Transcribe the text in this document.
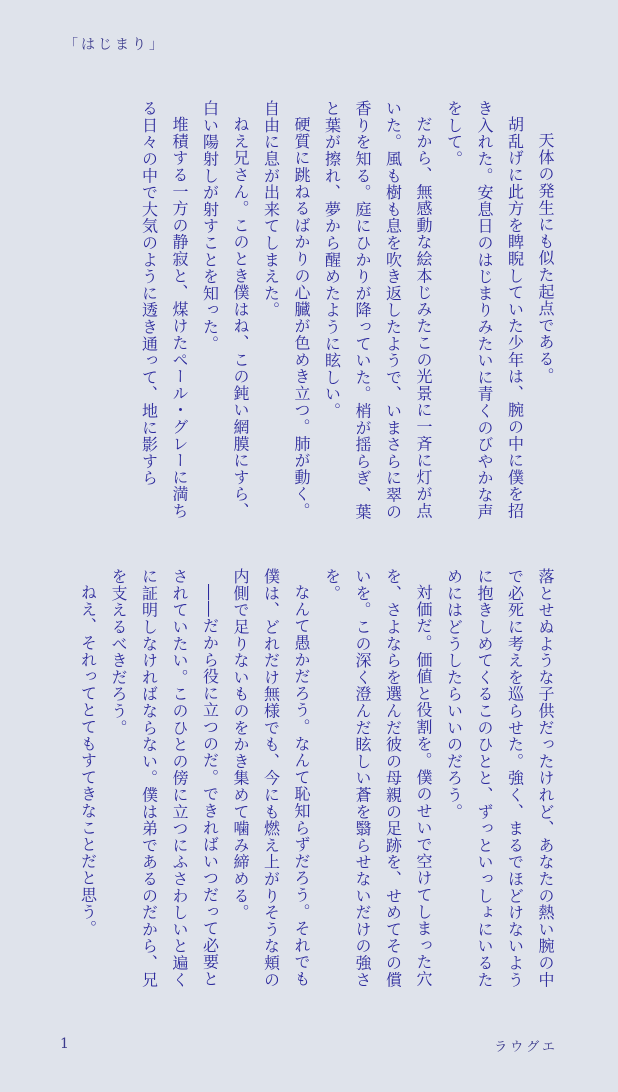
「はじまり」

天体の発生にも似た起点である。

胡乱げに此方を睥睨していた少年は、腕の中に僕を招き入れた。安息日のはじまりみたいに青くのびやかな声をして。

だから、無感動な絵本じみたこの光景に一斉に灯が点いた。風も樹も息を吹き返したようで、いまさらに翠の香りを知る。庭にひかりが降っていた。梢が揺らぎ、葉と葉が擦れ、夢から醒めたように眩しい。

硬質に跳ねるばかりの心臓が色めき立つ。肺が動く。自由に息が出来てしまえた。

ねえ兄さん。このとき僕はね、この鈍い網膜にすら、白い陽射しが射すことを知った。

堆積する一方の静寂と、煤けたペール・グレーに満ちる日々の中で大気のように透き通って、地に影すら

落とせぬような子供だったけれど、あなたの熱い腕の中で必死に考えを巡らせた。強く、まるでほどけないように抱きしめてくるこのひとと、ずっといっしょにいるためにはどうしたらいいのだろう。

対価だ。価値と役割を。僕のせいで空けてしまった穴を、さよならを選んだ彼の母親の足跡を、せめてその償いを。この深く澄んだ眩しい蒼を翳らせないだけの強さを。

なんて愚かだろう。なんて恥知らずだろう。それでも僕は、どれだけ無様でも、今にも燃え上がりそうな頬の内側で足りないものをかき集めて噛み締める。

――だから役に立つのだ。できればいつだって必要とされていたい。このひとの傍に立つにふさわしいと遍くに証明しなければならない。僕は弟であるのだから、兄を支えるべきだろう。

ねえ、それってとてもすてきなことだと思う。

1	ラウグエ
